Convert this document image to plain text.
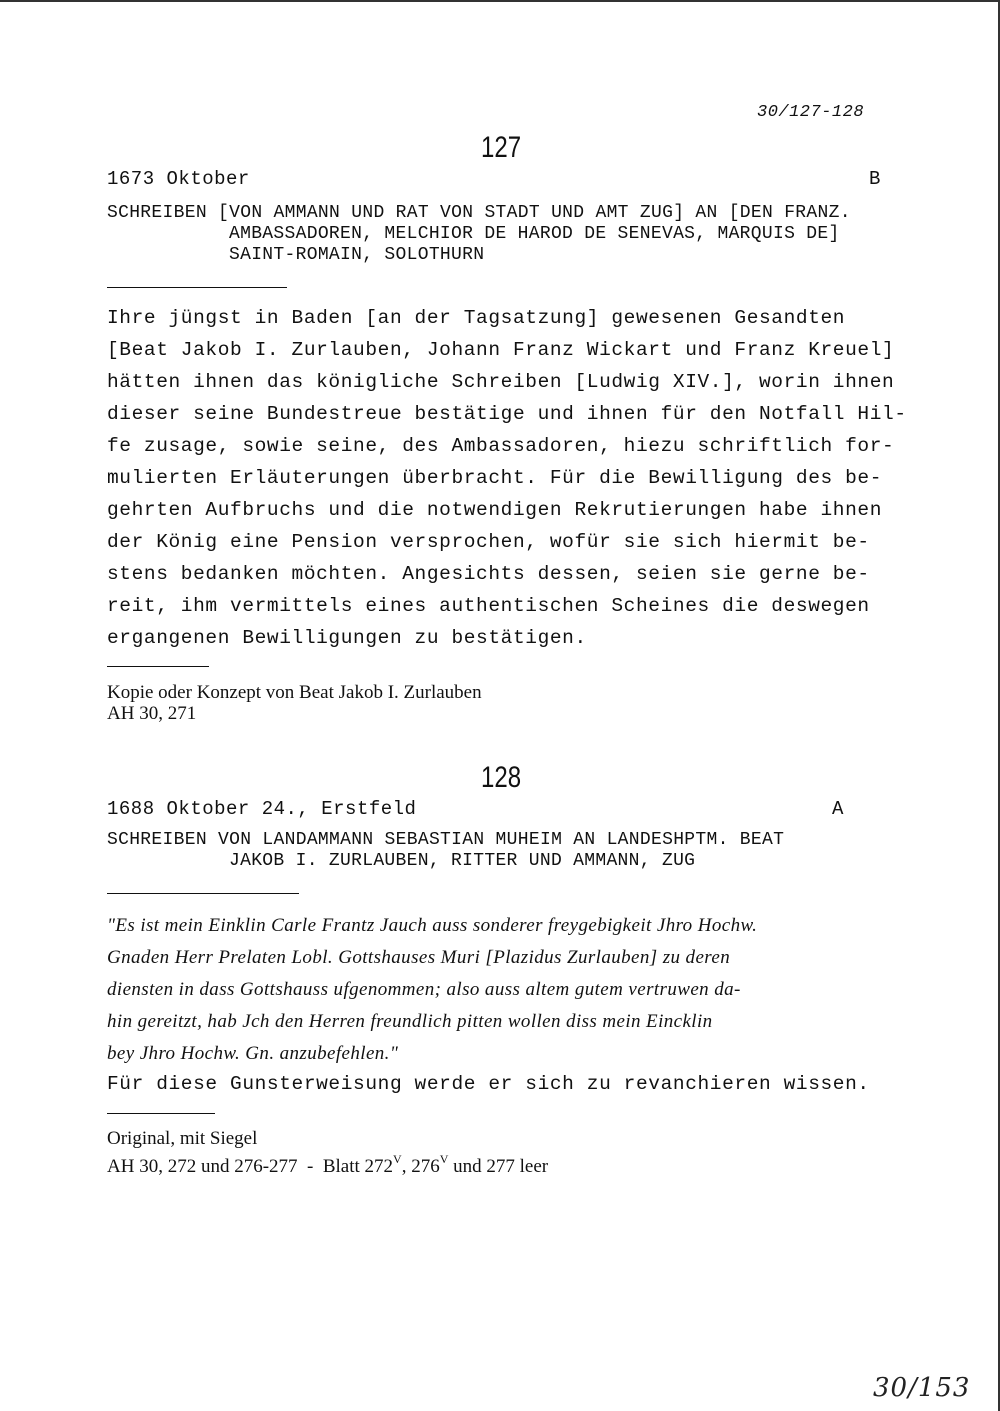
30/127-128
127
1673 Oktober	B
SCHREIBEN [VON AMMANN UND RAT VON STADT UND AMT ZUG] AN [DEN FRANZ.
AMBASSADOREN, MELCHIOR DE HAROD DE SENEVAS, MARQUIS DE]
SAINT-ROMAIN, SOLOTHURN
Ihre jüngst in Baden [an der Tagsatzung] gewesenen Gesandten
[Beat Jakob I. Zurlauben, Johann Franz Wickart und Franz Kreuel]
hätten ihnen das königliche Schreiben [Ludwig XIV.], worin ihnen
dieser seine Bundestreue bestätige und ihnen für den Notfall Hil-
fe zusage, sowie seine, des Ambassadoren, hiezu schriftlich for-
mulierten Erläuterungen überbracht. Für die Bewilligung des be-
gehrten Aufbruchs und die notwendigen Rekrutierungen habe ihnen
der König eine Pension versprochen, wofür sie sich hiermit be-
stens bedanken möchten. Angesichts dessen, seien sie gerne be-
reit, ihm vermittels eines authentischen Scheines die deswegen
ergangenen Bewilligungen zu bestätigen.
Kopie oder Konzept von Beat Jakob I. Zurlauben
AH 30, 271
128
1688 Oktober 24., Erstfeld	A
SCHREIBEN VON LANDAMMANN SEBASTIAN MUHEIM AN LANDESHPTM. BEAT
JAKOB I. ZURLAUBEN, RITTER UND AMMANN, ZUG
"Es ist mein Einklin Carle Frantz Jauch auss sonderer freygebigkeit Jhro Hochw.
Gnaden Herr Prelaten Lobl. Gottshauses Muri [Plazidus Zurlauben] zu deren
diensten in dass Gottshauss ufgenommen; also auss altem gutem vertruwen da-
hin gereitzt, hab Jch den Herren freundlich pitten wollen diss mein Eincklin
bey Jhro Hochw. Gn. anzubefehlen."
Für diese Gunsterweisung werde er sich zu revanchieren wissen.
Original, mit Siegel
AH 30, 272 und 276-277  -  Blatt $272^V$, $276^V$ und 277 leer
30/153
